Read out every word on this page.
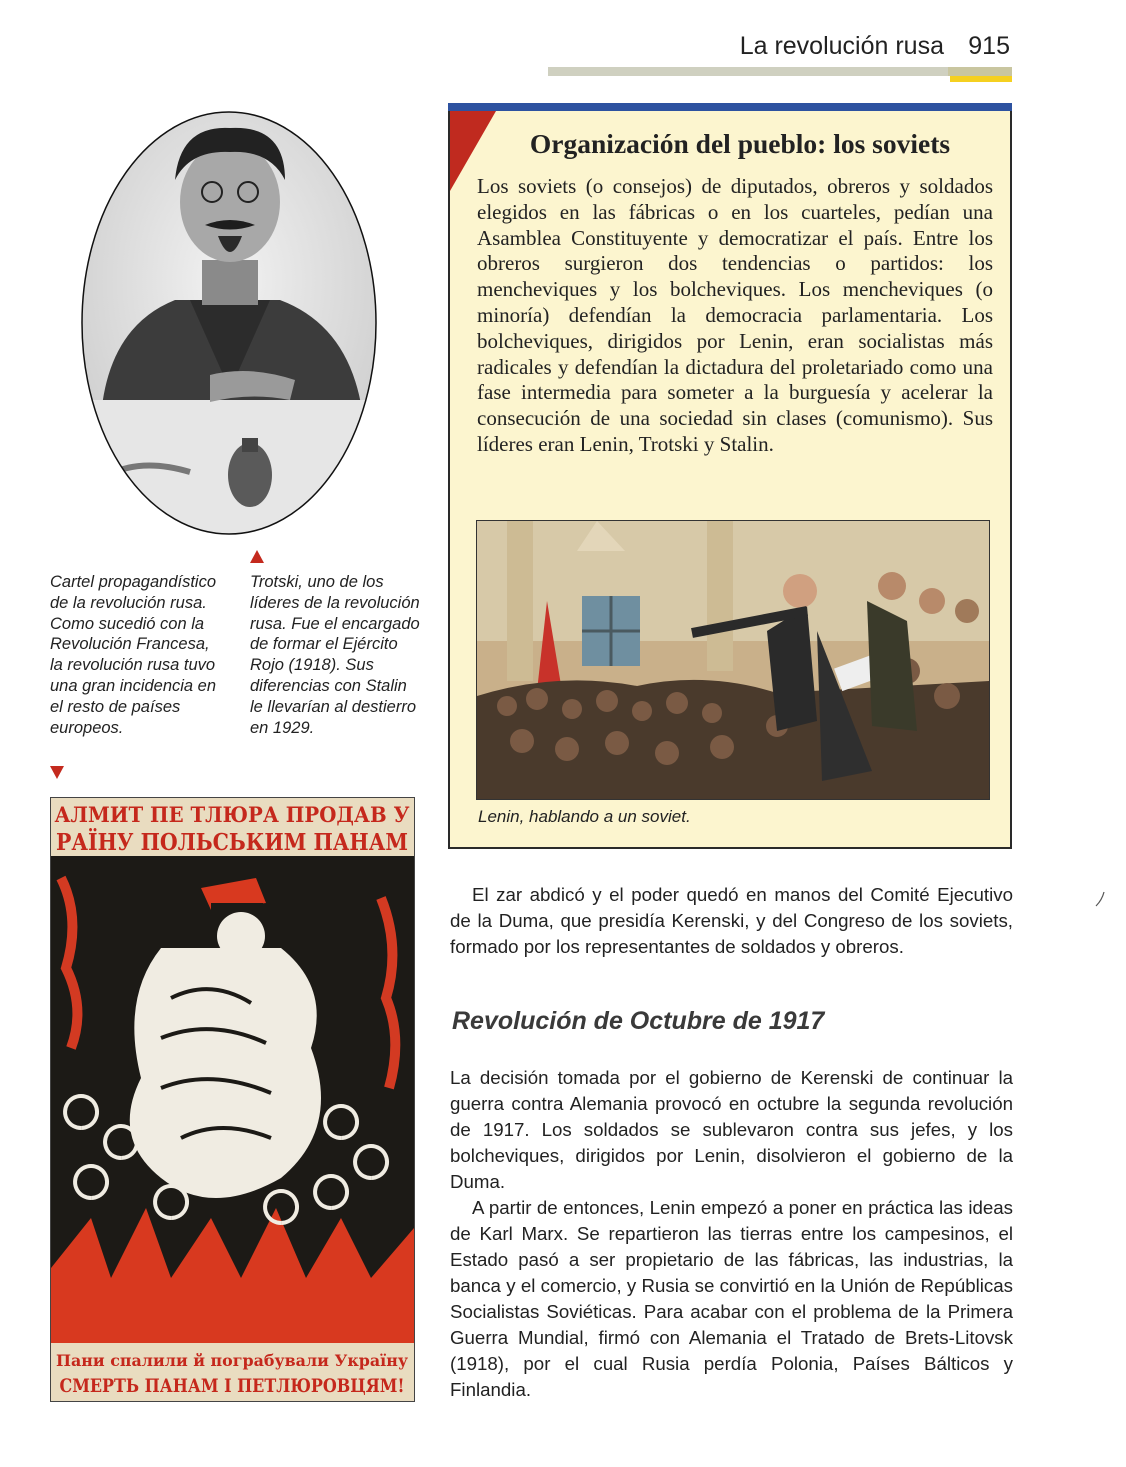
La revolución rusa 915
Cartel propagandístico de la revolución rusa. Como sucedió con la Revolución Francesa, la revolución rusa tuvo una gran incidencia en el resto de países europeos.
Trotski, uno de los líderes de la revolución rusa. Fue el encargado de formar el Ejército Rojo (1918). Sus diferencias con Stalin le llevarían al destierro en 1929.
Organización del pueblo: los soviets
Los soviets (o consejos) de diputados, obreros y soldados elegidos en las fábricas o en los cuarteles, pedían una Asamblea Constituyente y democratizar el país. Entre los obreros surgieron dos tendencias o partidos: los mencheviques y los bolcheviques. Los mencheviques (o minoría) defendían la democracia parlamentaria. Los bolcheviques, dirigidos por Lenin, eran socialistas más radicales y defendían la dictadura del proletariado como una fase intermedia para someter a la burguesía y acelerar la consecución de una sociedad sin clases (comunismo). Sus líderes eran Lenin, Trotski y Stalin.
Lenin, hablando a un soviet.
АЛМИТ ПЕ ТЛЮРА ПРОДАВ У
РАЇНУ ПОЛЬСЬКИМ ПАНАМ
Пани спалили й пограбували Україну
СМЕРТЬ ПАНАМ І ПЕТЛЮРОВЦЯМ!
El zar abdicó y el poder quedó en manos del Comité Ejecutivo de la Duma, que presidía Kerenski, y del Congreso de los soviets, formado por los representantes de soldados y obreros.
Revolución de Octubre de 1917
La decisión tomada por el gobierno de Kerenski de continuar la guerra contra Alemania provocó en octubre la segunda revolución de 1917. Los soldados se sublevaron contra sus jefes, y los bolcheviques, dirigidos por Lenin, disolvieron el gobierno de la Duma.
A partir de entonces, Lenin empezó a poner en práctica las ideas de Karl Marx. Se repartieron las tierras entre los campesinos, el Estado pasó a ser propietario de las fábricas, las industrias, la banca y el comercio, y Rusia se convirtió en la Unión de Repúblicas Socialistas Soviéticas. Para acabar con el problema de la Primera Guerra Mundial, firmó con Alemania el Tratado de Brets-Litovsk (1918), por el cual Rusia perdía Polonia, Países Bálticos y Finlandia.
